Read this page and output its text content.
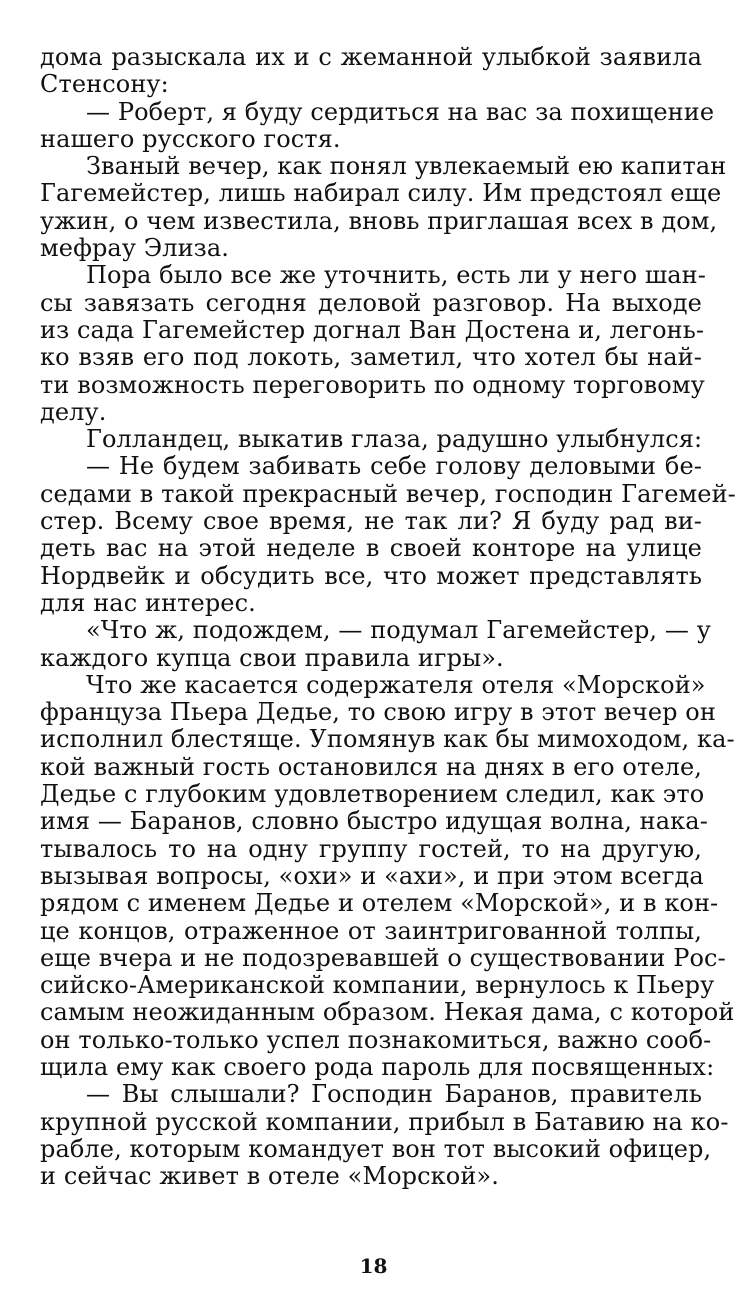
дома разыскала их и с жеманной улыбкой заявила
Стенсону:
— Роберт, я буду сердиться на вас за похищение
нашего русского гостя.
Званый вечер, как понял увлекаемый ею капитан
Гагемейстер, лишь набирал силу. Им предстоял еще
ужин, о чем известила, вновь приглашая всех в дом,
мефрау Элиза.
Пора было все же уточнить, есть ли у него шан-
сы завязать сегодня деловой разговор. На выходе
из сада Гагемейстер догнал Ван Достена и, легонь-
ко взяв его под локоть, заметил, что хотел бы най-
ти возможность переговорить по одному торговому
делу.
Голландец, выкатив глаза, радушно улыбнулся:
— Не будем забивать себе голову деловыми бе-
седами в такой прекрасный вечер, господин Гагемей-
стер. Всему свое время, не так ли? Я буду рад ви-
деть вас на этой неделе в своей конторе на улице
Нордвейк и обсудить все, что может представлять
для нас интерес.
«Что ж, подождем, — подумал Гагемейстер, — у
каждого купца свои правила игры».
Что же касается содержателя отеля «Морской»
француза Пьера Дедье, то свою игру в этот вечер он
исполнил блестяще. Упомянув как бы мимоходом, ка-
кой важный гость остановился на днях в его отеле,
Дедье с глубоким удовлетворением следил, как это
имя — Баранов, словно быстро идущая волна, нака-
тывалось то на одну группу гостей, то на другую,
вызывая вопросы, «охи» и «ахи», и при этом всегда
рядом с именем Дедье и отелем «Морской», и в кон-
це концов, отраженное от заинтригованной толпы,
еще вчера и не подозревавшей о существовании Рос-
сийско-Американской компании, вернулось к Пьеру
самым неожиданным образом. Некая дама, с которой
он только-только успел познакомиться, важно сооб-
щила ему как своего рода пароль для посвященных:
— Вы слышали? Господин Баранов, правитель
крупной русской компании, прибыл в Батавию на ко-
рабле, которым командует вон тот высокий офицер,
и сейчас живет в отеле «Морской».
18
